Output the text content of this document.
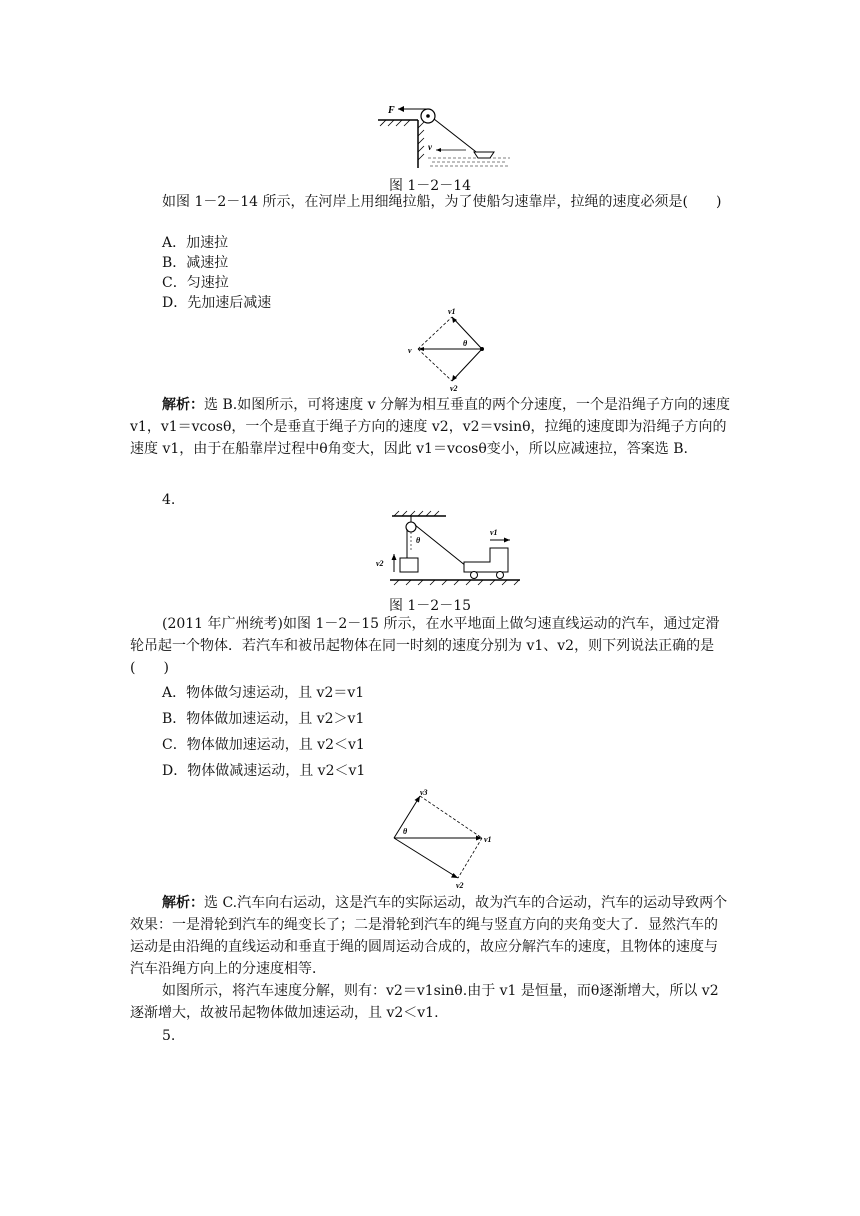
F
v
图 1－2－14
如图 1－2－14 所示，在河岸上用细绳拉船，为了使船匀速靠岸，拉绳的速度必须是(　　)
A．加速拉
B．减速拉
C．匀速拉
D．先加速后减速
v
v1
v2
θ
解析：选 B.如图所示，可将速度 v 分解为相互垂直的两个分速度，一个是沿绳子方向的速度 v1，v1＝vcosθ，一个是垂直于绳子方向的速度 v2，v2＝vsinθ，拉绳的速度即为沿绳子方向的速度 v1，由于在船靠岸过程中θ角变大，因此 v1＝vcosθ变小，所以应减速拉，答案选 B.
4.
v1
v2
θ
图 1－2－15
(2011 年广州统考)如图 1－2－15 所示，在水平地面上做匀速直线运动的汽车，通过定滑轮吊起一个物体．若汽车和被吊起物体在同一时刻的速度分别为 v1、v2，则下列说法正确的是(　　)
A．物体做匀速运动，且 v2＝v1
B．物体做加速运动，且 v2＞v1
C．物体做加速运动，且 v2＜v1
D．物体做减速运动，且 v2＜v1
v3
v1
v2
θ
解析：选 C.汽车向右运动，这是汽车的实际运动，故为汽车的合运动，汽车的运动导致两个效果：一是滑轮到汽车的绳变长了；二是滑轮到汽车的绳与竖直方向的夹角变大了．显然汽车的运动是由沿绳的直线运动和垂直于绳的圆周运动合成的，故应分解汽车的速度，且物体的速度与汽车沿绳方向上的分速度相等．
如图所示，将汽车速度分解，则有：v2＝v1sinθ.由于 v1 是恒量，而θ逐渐增大，所以 v2 逐渐增大，故被吊起物体做加速运动，且 v2＜v1.
5.
